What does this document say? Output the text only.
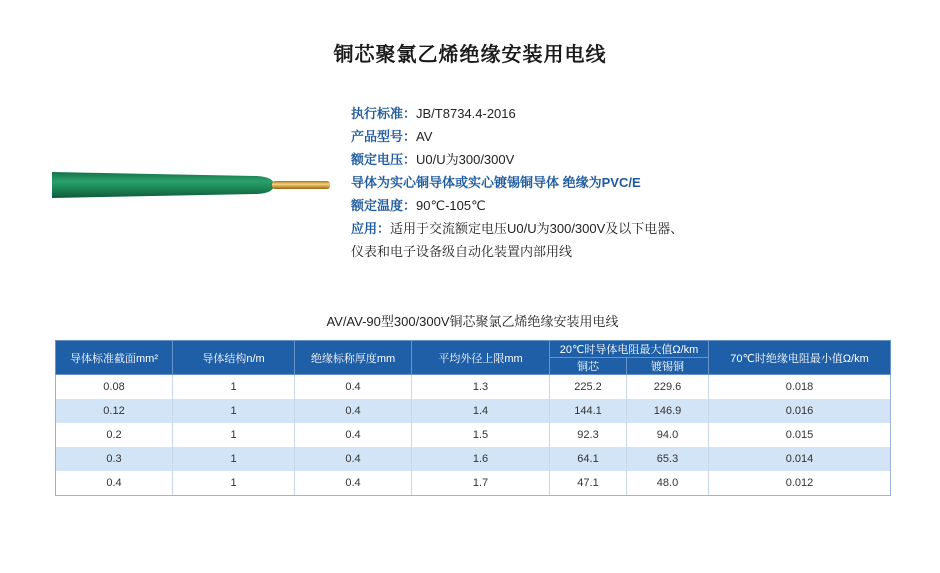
铜芯聚氯乙烯绝缘安装用电线
执行标准：JB/T8734.4-2016
产品型号：AV
额定电压：U0/U为300/300V
导体为实心铜导体或实心镀锡铜导体 绝缘为PVC/E
额定温度：90℃-105℃
应用：适用于交流额定电压U0/U为300/300V及以下电器、
仪表和电子设备级自动化装置内部用线
AV/AV-90型300/300V铜芯聚氯乙烯绝缘安装用电线
导体标准截面mm²	导体结构n/m	绝缘标称厚度mm	平均外径上限mm	20℃时导体电阻最大值Ω/km		70℃时绝缘电阻最小值Ω/km
				铜芯	镀锡铜	
0.08	1	0.4	1.3	225.2	229.6	0.018
0.12	1	0.4	1.4	144.1	146.9	0.016
0.2	1	0.4	1.5	92.3	94.0	0.015
0.3	1	0.4	1.6	64.1	65.3	0.014
0.4	1	0.4	1.7	47.1	48.0	0.012
